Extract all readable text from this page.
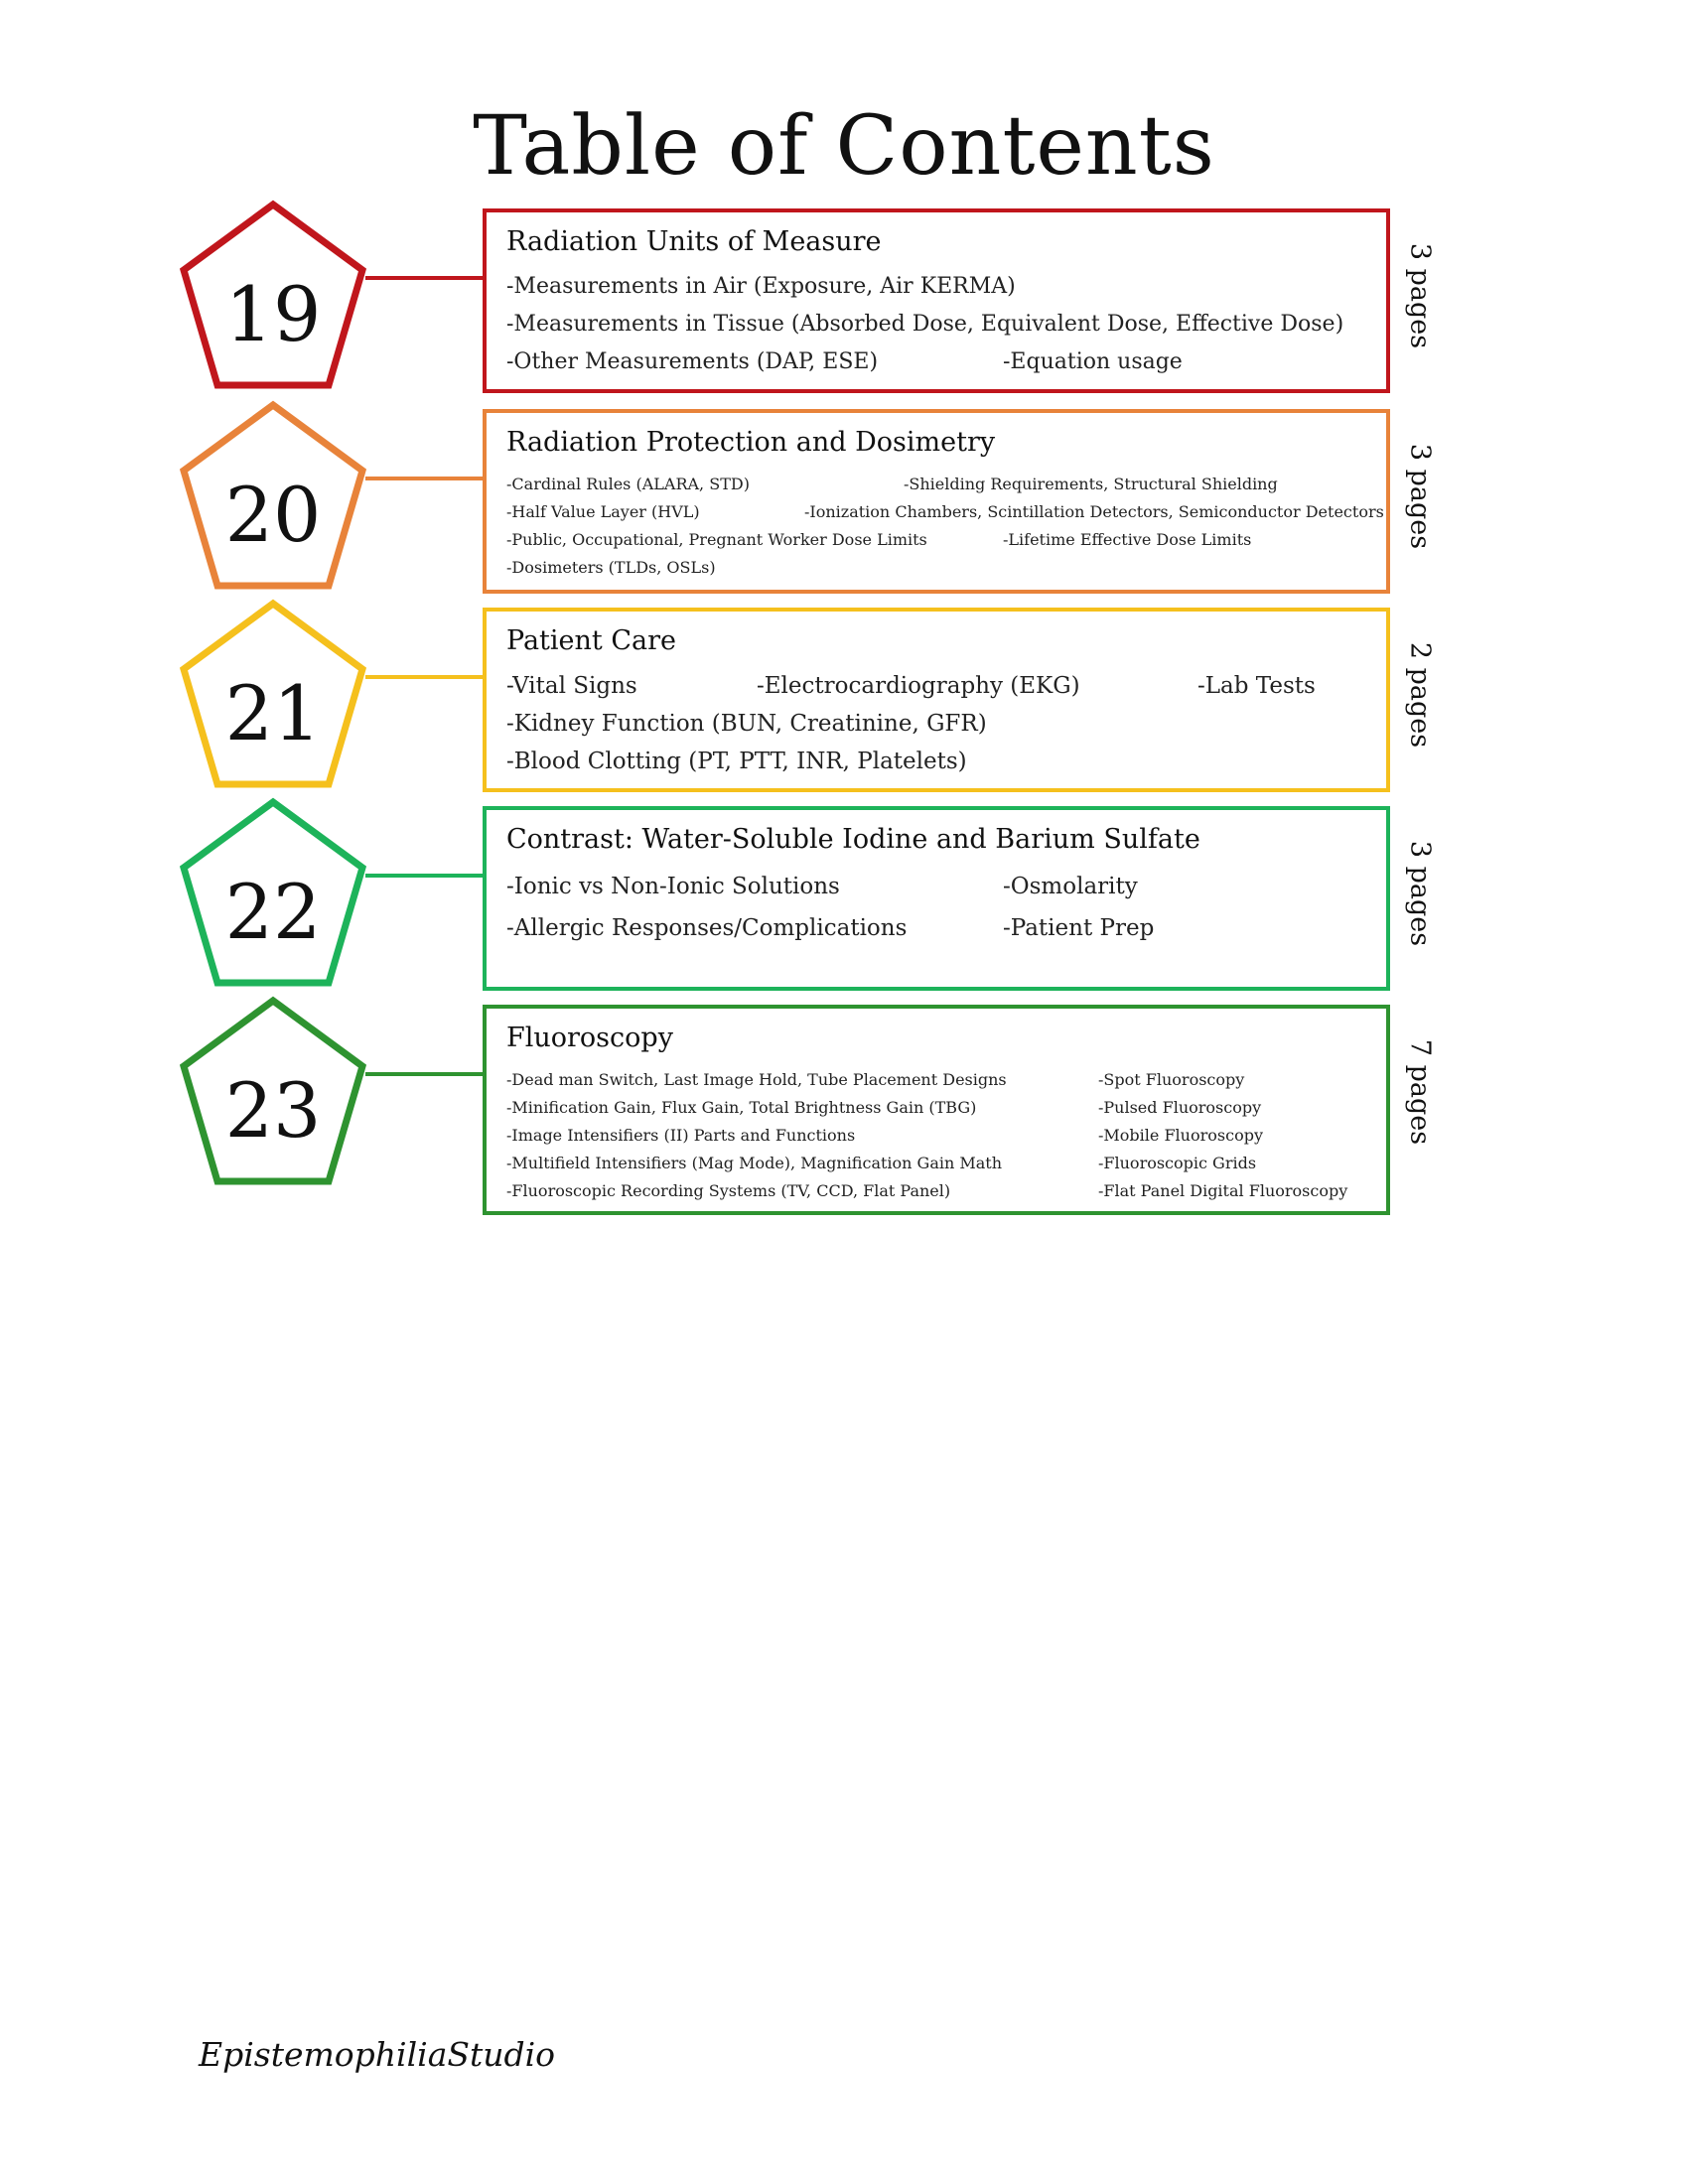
Table of Contents
19
Radiation Units of Measure
-Measurements in Air (Exposure, Air KERMA)
-Measurements in Tissue (Absorbed Dose, Equivalent Dose, Effective Dose)
-Other Measurements (DAP, ESE)	-Equation usage
3 pages
20
Radiation Protection and Dosimetry
-Cardinal Rules (ALARA, STD)	-Shielding Requirements, Structural Shielding
-Half Value Layer (HVL)	-Ionization Chambers, Scintillation Detectors, Semiconductor Detectors
-Public, Occupational, Pregnant Worker Dose Limits	-Lifetime Effective Dose Limits
-Dosimeters (TLDs, OSLs)
3 pages
21
Patient Care
-Vital Signs	-Electrocardiography (EKG)	-Lab Tests
-Kidney Function (BUN, Creatinine, GFR)
-Blood Clotting (PT, PTT, INR, Platelets)
2 pages
22
Contrast: Water-Soluble Iodine and Barium Sulfate
-Ionic vs Non-Ionic Solutions	-Osmolarity
-Allergic Responses/Complications	-Patient Prep	3 pages
23
Fluoroscopy
-Dead man Switch, Last Image Hold, Tube Placement Designs	-Spot Fluoroscopy
-Minification Gain, Flux Gain, Total Brightness Gain (TBG)	-Pulsed Fluoroscopy
-Image Intensifiers (II) Parts and Functions	-Mobile Fluoroscopy
-Multifield Intensifiers (Mag Mode), Magnification Gain Math	-Fluoroscopic Grids
-Fluoroscopic Recording Systems (TV, CCD, Flat Panel)	-Flat Panel Digital Fluoroscopy
7 pages
EpistemophiliaStudio
